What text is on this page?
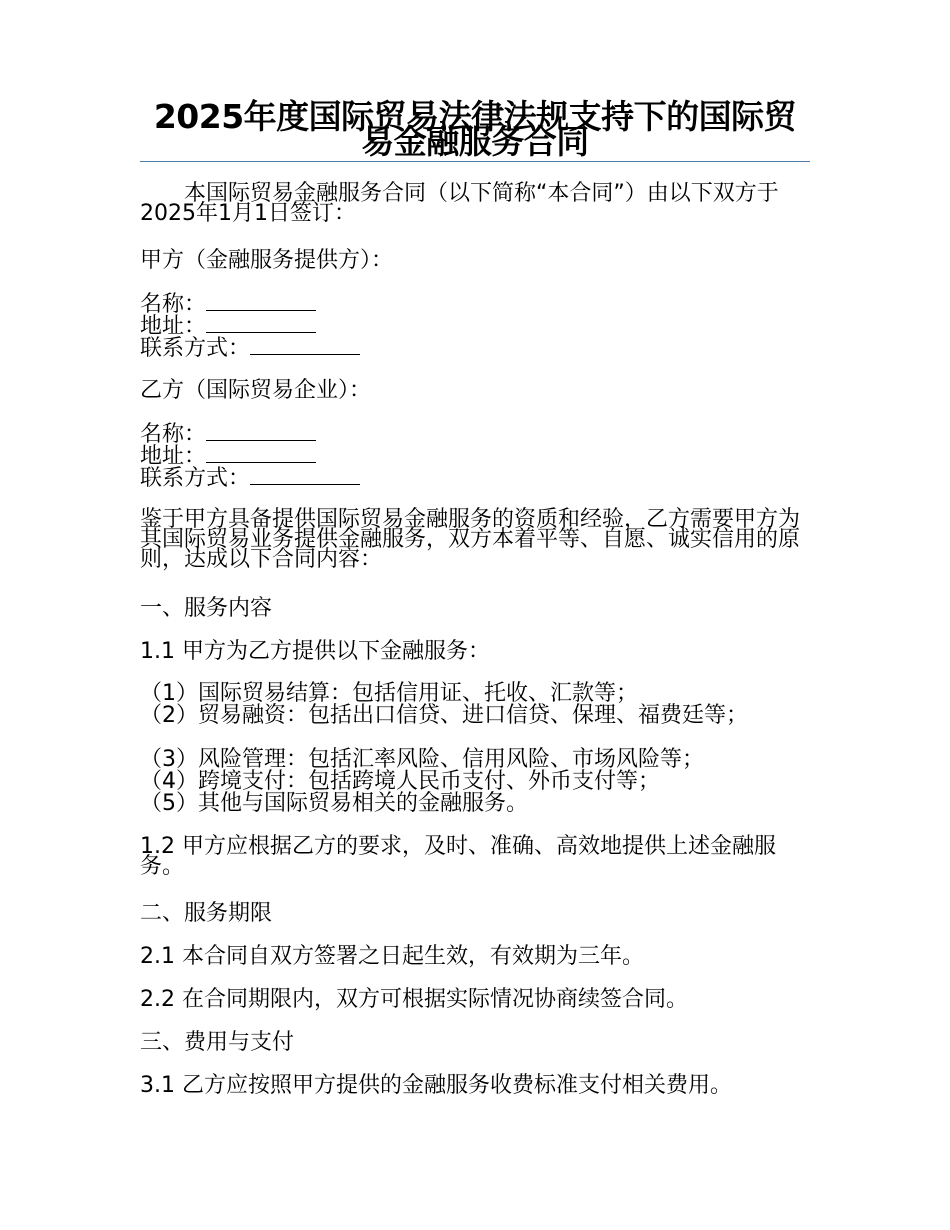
2025年度国际贸易法律法规支持下的国际贸易金融服务合同
本国际贸易金融服务合同（以下简称“本合同”）由以下双方于2025年1月1日签订：
甲方（金融服务提供方）：
名称：
地址：
联系方式：
乙方（国际贸易企业）：
名称：
地址：
联系方式：
鉴于甲方具备提供国际贸易金融服务的资质和经验，乙方需要甲方为其国际贸易业务提供金融服务，双方本着平等、自愿、诚实信用的原则，达成以下合同内容：
一、服务内容
1.1 甲方为乙方提供以下金融服务：
（1）国际贸易结算：包括信用证、托收、汇款等；
（2）贸易融资：包括出口信贷、进口信贷、保理、福费廷等；
（3）风险管理：包括汇率风险、信用风险、市场风险等；
（4）跨境支付：包括跨境人民币支付、外币支付等；
（5）其他与国际贸易相关的金融服务。
1.2 甲方应根据乙方的要求，及时、准确、高效地提供上述金融服务。
二、服务期限
2.1 本合同自双方签署之日起生效，有效期为三年。
2.2 在合同期限内，双方可根据实际情况协商续签合同。
三、费用与支付
3.1 乙方应按照甲方提供的金融服务收费标准支付相关费用。
